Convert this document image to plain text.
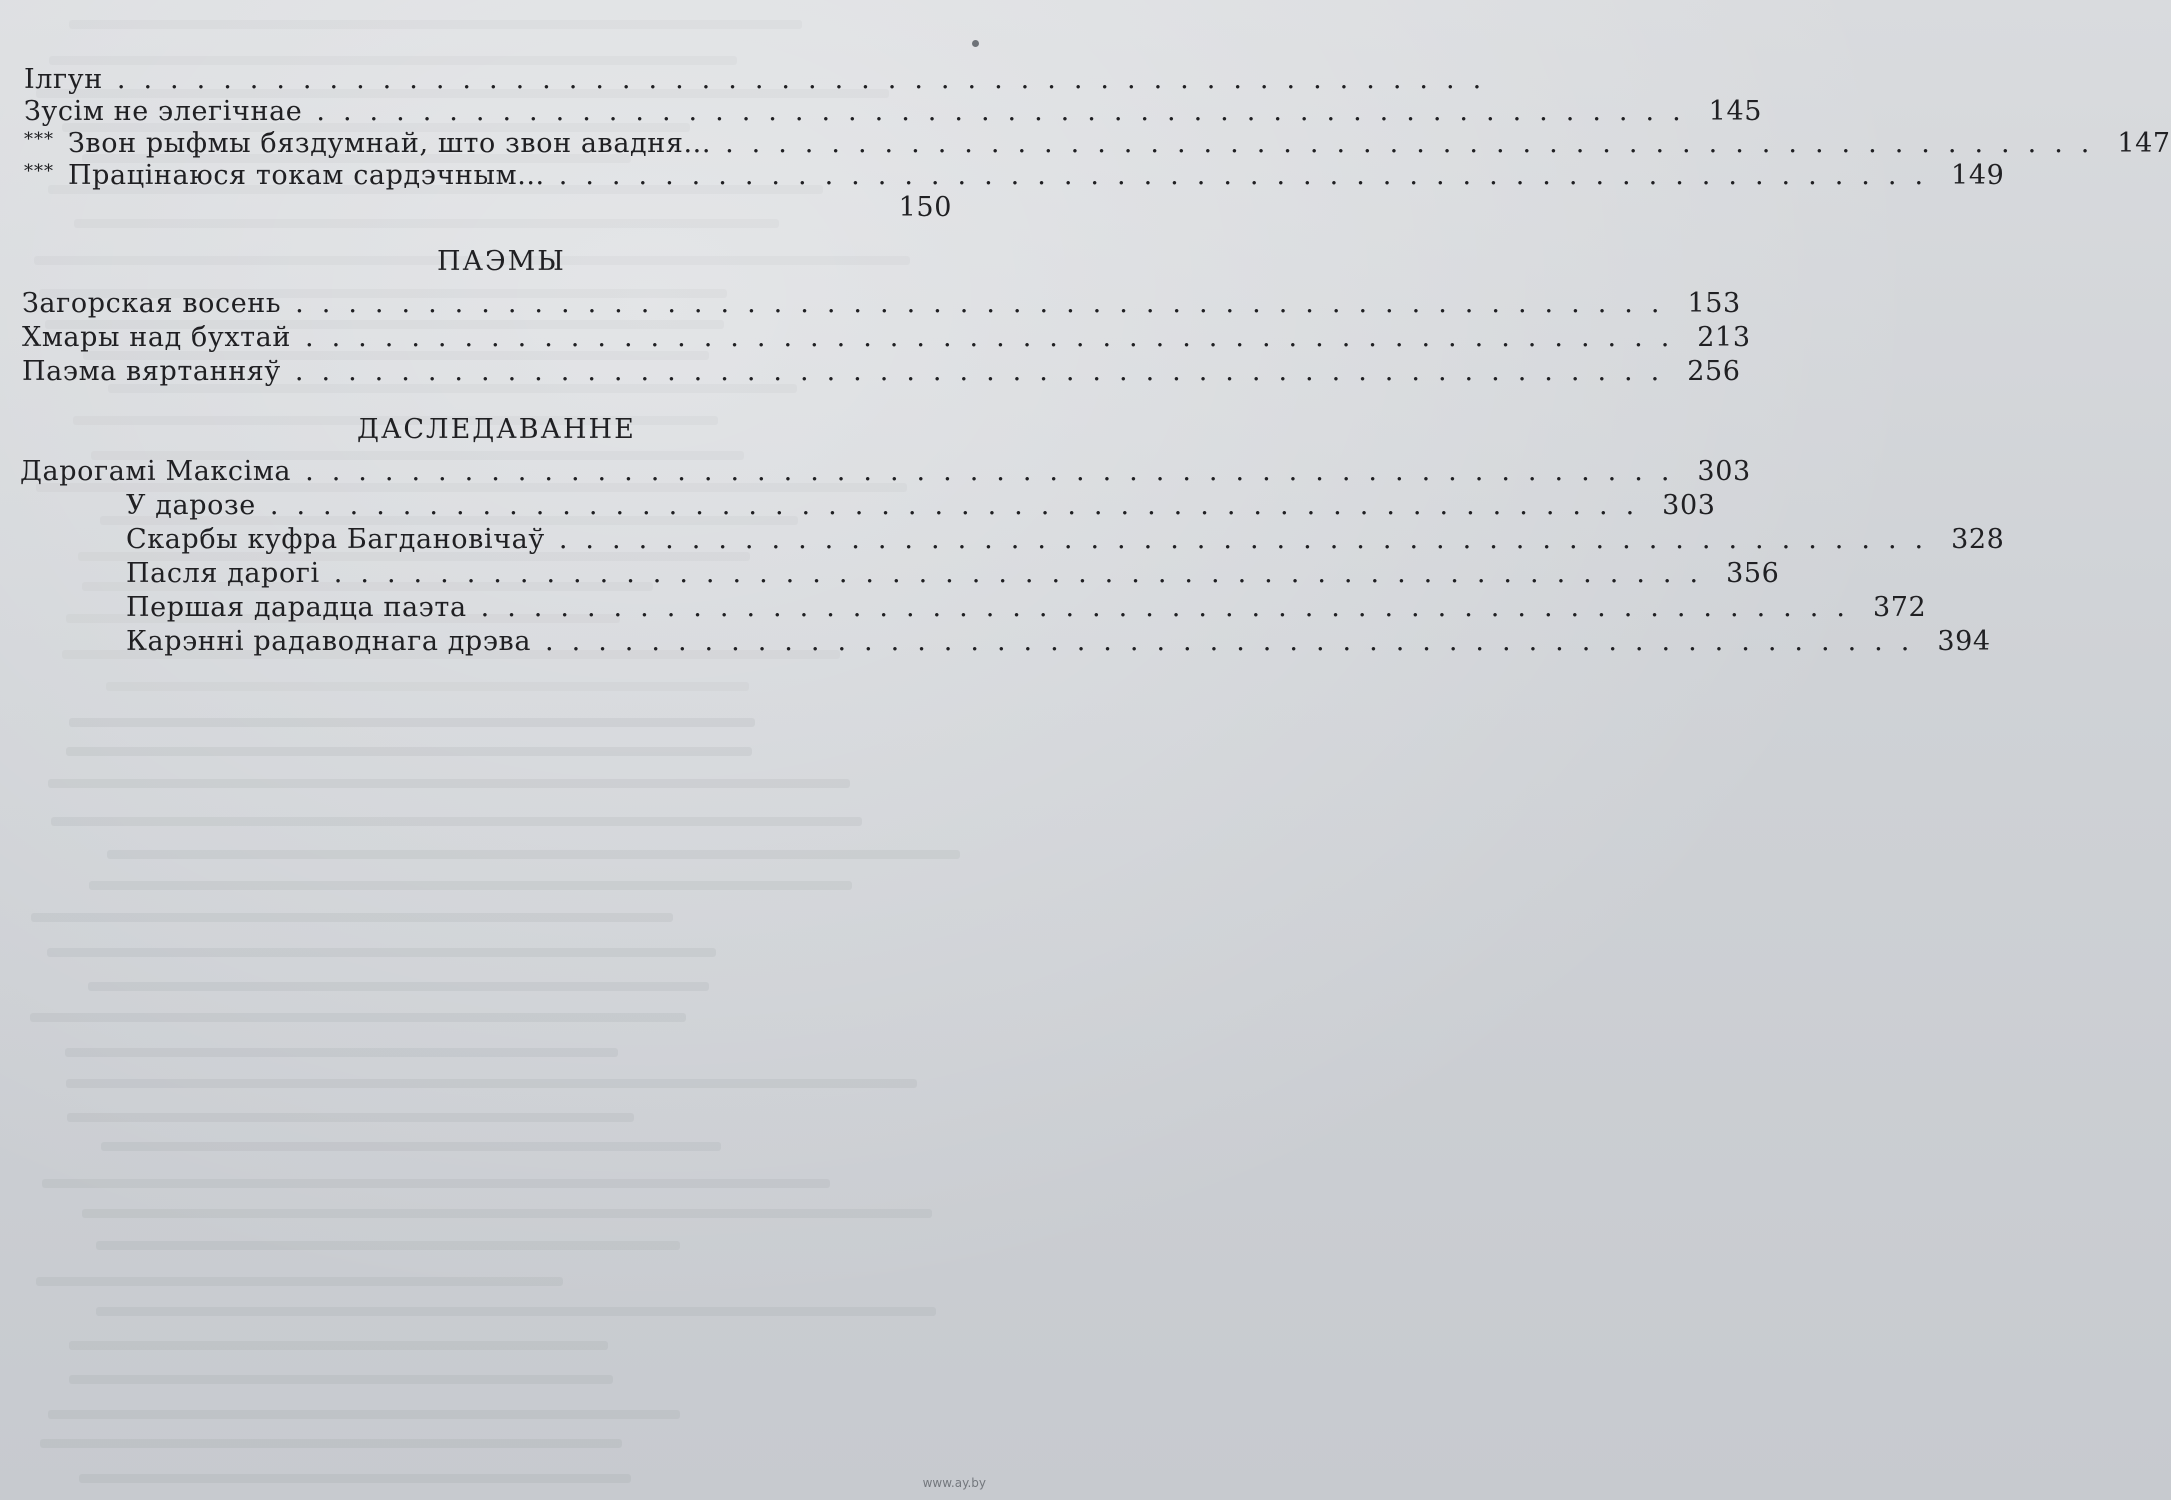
Ілгун ....................................................
Зусім не элегічнае .................................................... 145
*** Звон рыфмы бяздумнай, што звон авадня... .................................................... 147
*** Працінаюся токам сардэчным... .................................................... 149
150
ПАЭМЫ
Загорская восень .................................................... 153
Хмары над бухтай .................................................... 213
Паэма вяртанняў .................................................... 256
ДАСЛЕДАВАННЕ
Дарогамі Максіма .................................................... 303
У дарозе .................................................... 303
Скарбы куфра Багдановічаў .................................................... 328
Пасля дарогі .................................................... 356
Першая дарадца паэта .................................................... 372
Карэнні радаводнага дрэва .................................................... 394
www.ay.by
